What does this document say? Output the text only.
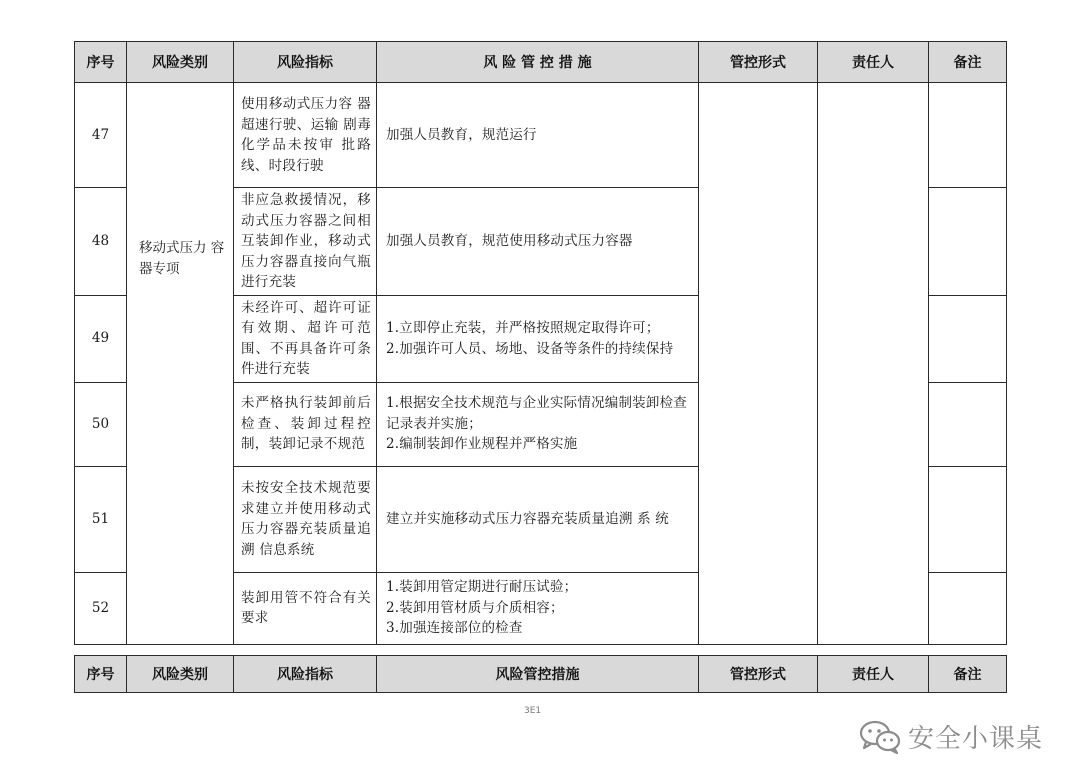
序号	风险类别	风险指标	风 险 管 控 措 施	管控形式	责任人	备注
47	移动式压力 容器专项	使用移动式压力容 器超速行驶、运输 剧毒化学品未按审 批路线、时段行驶	加强人员教育，规范运行			

48		非应急救援情况，移动式压力容器之间相互装卸作业，移动式压力容器直接向气瓶进行充装	加强人员教育，规范使用移动式压力容器			

49		未经许可、超许可证有效期、超许可范围、不再具备许可条件进行充装	1.立即停止充装，并严格按照规定取得许可；
2.加强许可人员、场地、设备等条件的持续保持			

50		未严格执行装卸前后检查、装卸过程控制，装卸记录不规范	1.根据安全技术规范与企业实际情况编制装卸检查记录表并实施；
2.编制装卸作业规程并严格实施			

51		未按安全技术规范要求建立并使用移动式压力容器充装质量追溯 信息系统	建立并实施移动式压力容器充装质量追溯 系 统			

52		装卸用管不符合有关要求	1.装卸用管定期进行耐压试验；
2.装卸用管材质与介质相容；
3.加强连接部位的检查			

序号	风险类别	风险指标	风险管控措施	管控形式	责任人	备注
3E1
安全小课桌
